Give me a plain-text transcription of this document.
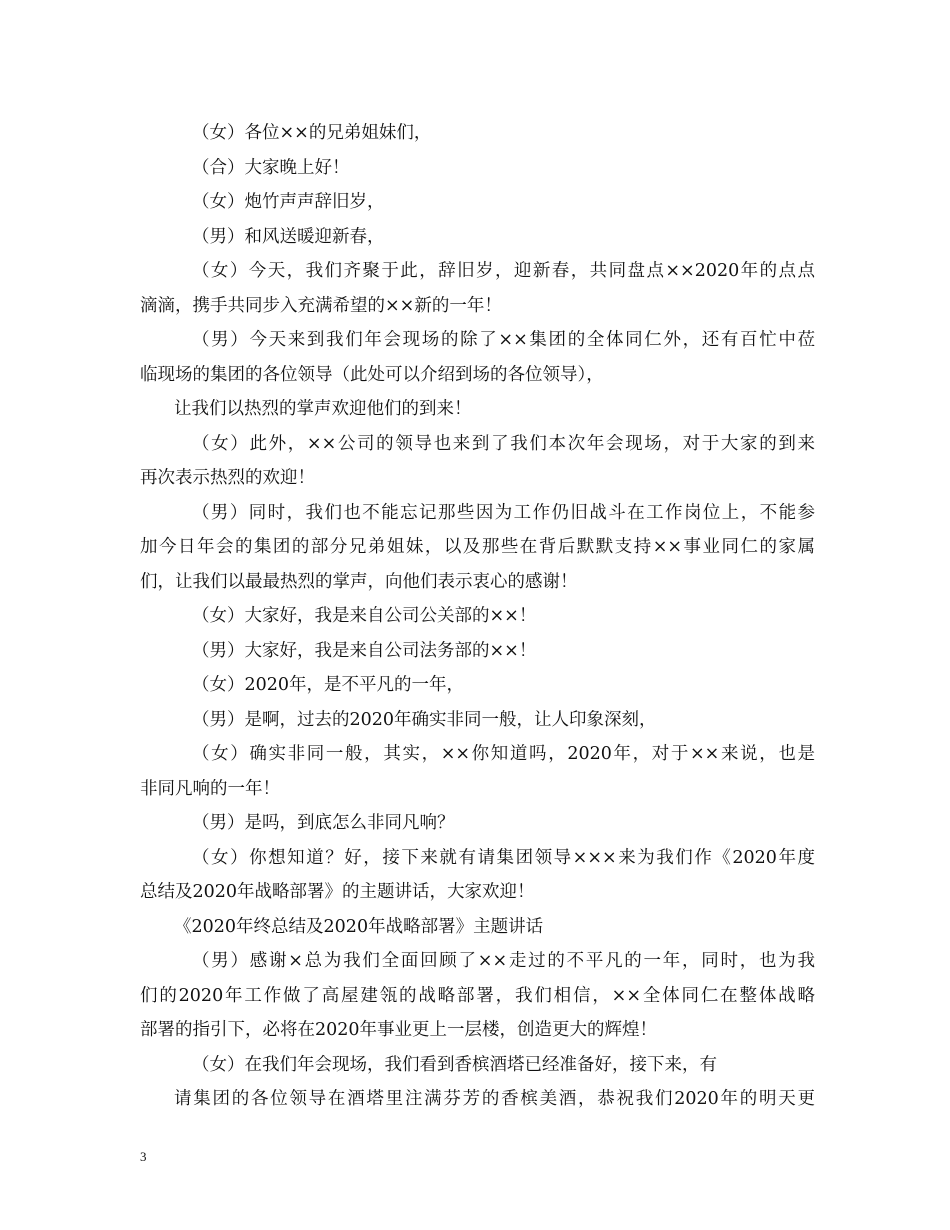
（女）各位××的兄弟姐妹们，
（合）大家晚上好！
（女）炮竹声声辞旧岁，
（男）和风送暖迎新春，
（女）今天，我们齐聚于此，辞旧岁，迎新春，共同盘点××2020年的点点
滴滴，携手共同步入充满希望的××新的一年！
（男）今天来到我们年会现场的除了××集团的全体同仁外，还有百忙中莅
临现场的集团的各位领导（此处可以介绍到场的各位领导），
让我们以热烈的掌声欢迎他们的到来！
（女）此外，××公司的领导也来到了我们本次年会现场，对于大家的到来
再次表示热烈的欢迎！
（男）同时，我们也不能忘记那些因为工作仍旧战斗在工作岗位上，不能参
加今日年会的集团的部分兄弟姐妹，以及那些在背后默默支持××事业同仁的家属
们，让我们以最最热烈的掌声，向他们表示衷心的感谢！
（女）大家好，我是来自公司公关部的××！
（男）大家好，我是来自公司法务部的××！
（女）2020年，是不平凡的一年，
（男）是啊，过去的2020年确实非同一般，让人印象深刻，
（女）确实非同一般，其实，××你知道吗，2020年，对于××来说，也是
非同凡响的一年！
（男）是吗，到底怎么非同凡响？
（女）你想知道？好，接下来就有请集团领导×××来为我们作《2020年度
总结及2020年战略部署》的主题讲话，大家欢迎！
《2020年终总结及2020年战略部署》主题讲话
（男）感谢×总为我们全面回顾了××走过的不平凡的一年，同时，也为我
们的2020年工作做了高屋建瓴的战略部署，我们相信，××全体同仁在整体战略
部署的指引下，必将在2020年事业更上一层楼，创造更大的辉煌！
（女）在我们年会现场，我们看到香槟酒塔已经准备好，接下来，有
请集团的各位领导在酒塔里注满芬芳的香槟美酒，恭祝我们2020年的明天更
3
